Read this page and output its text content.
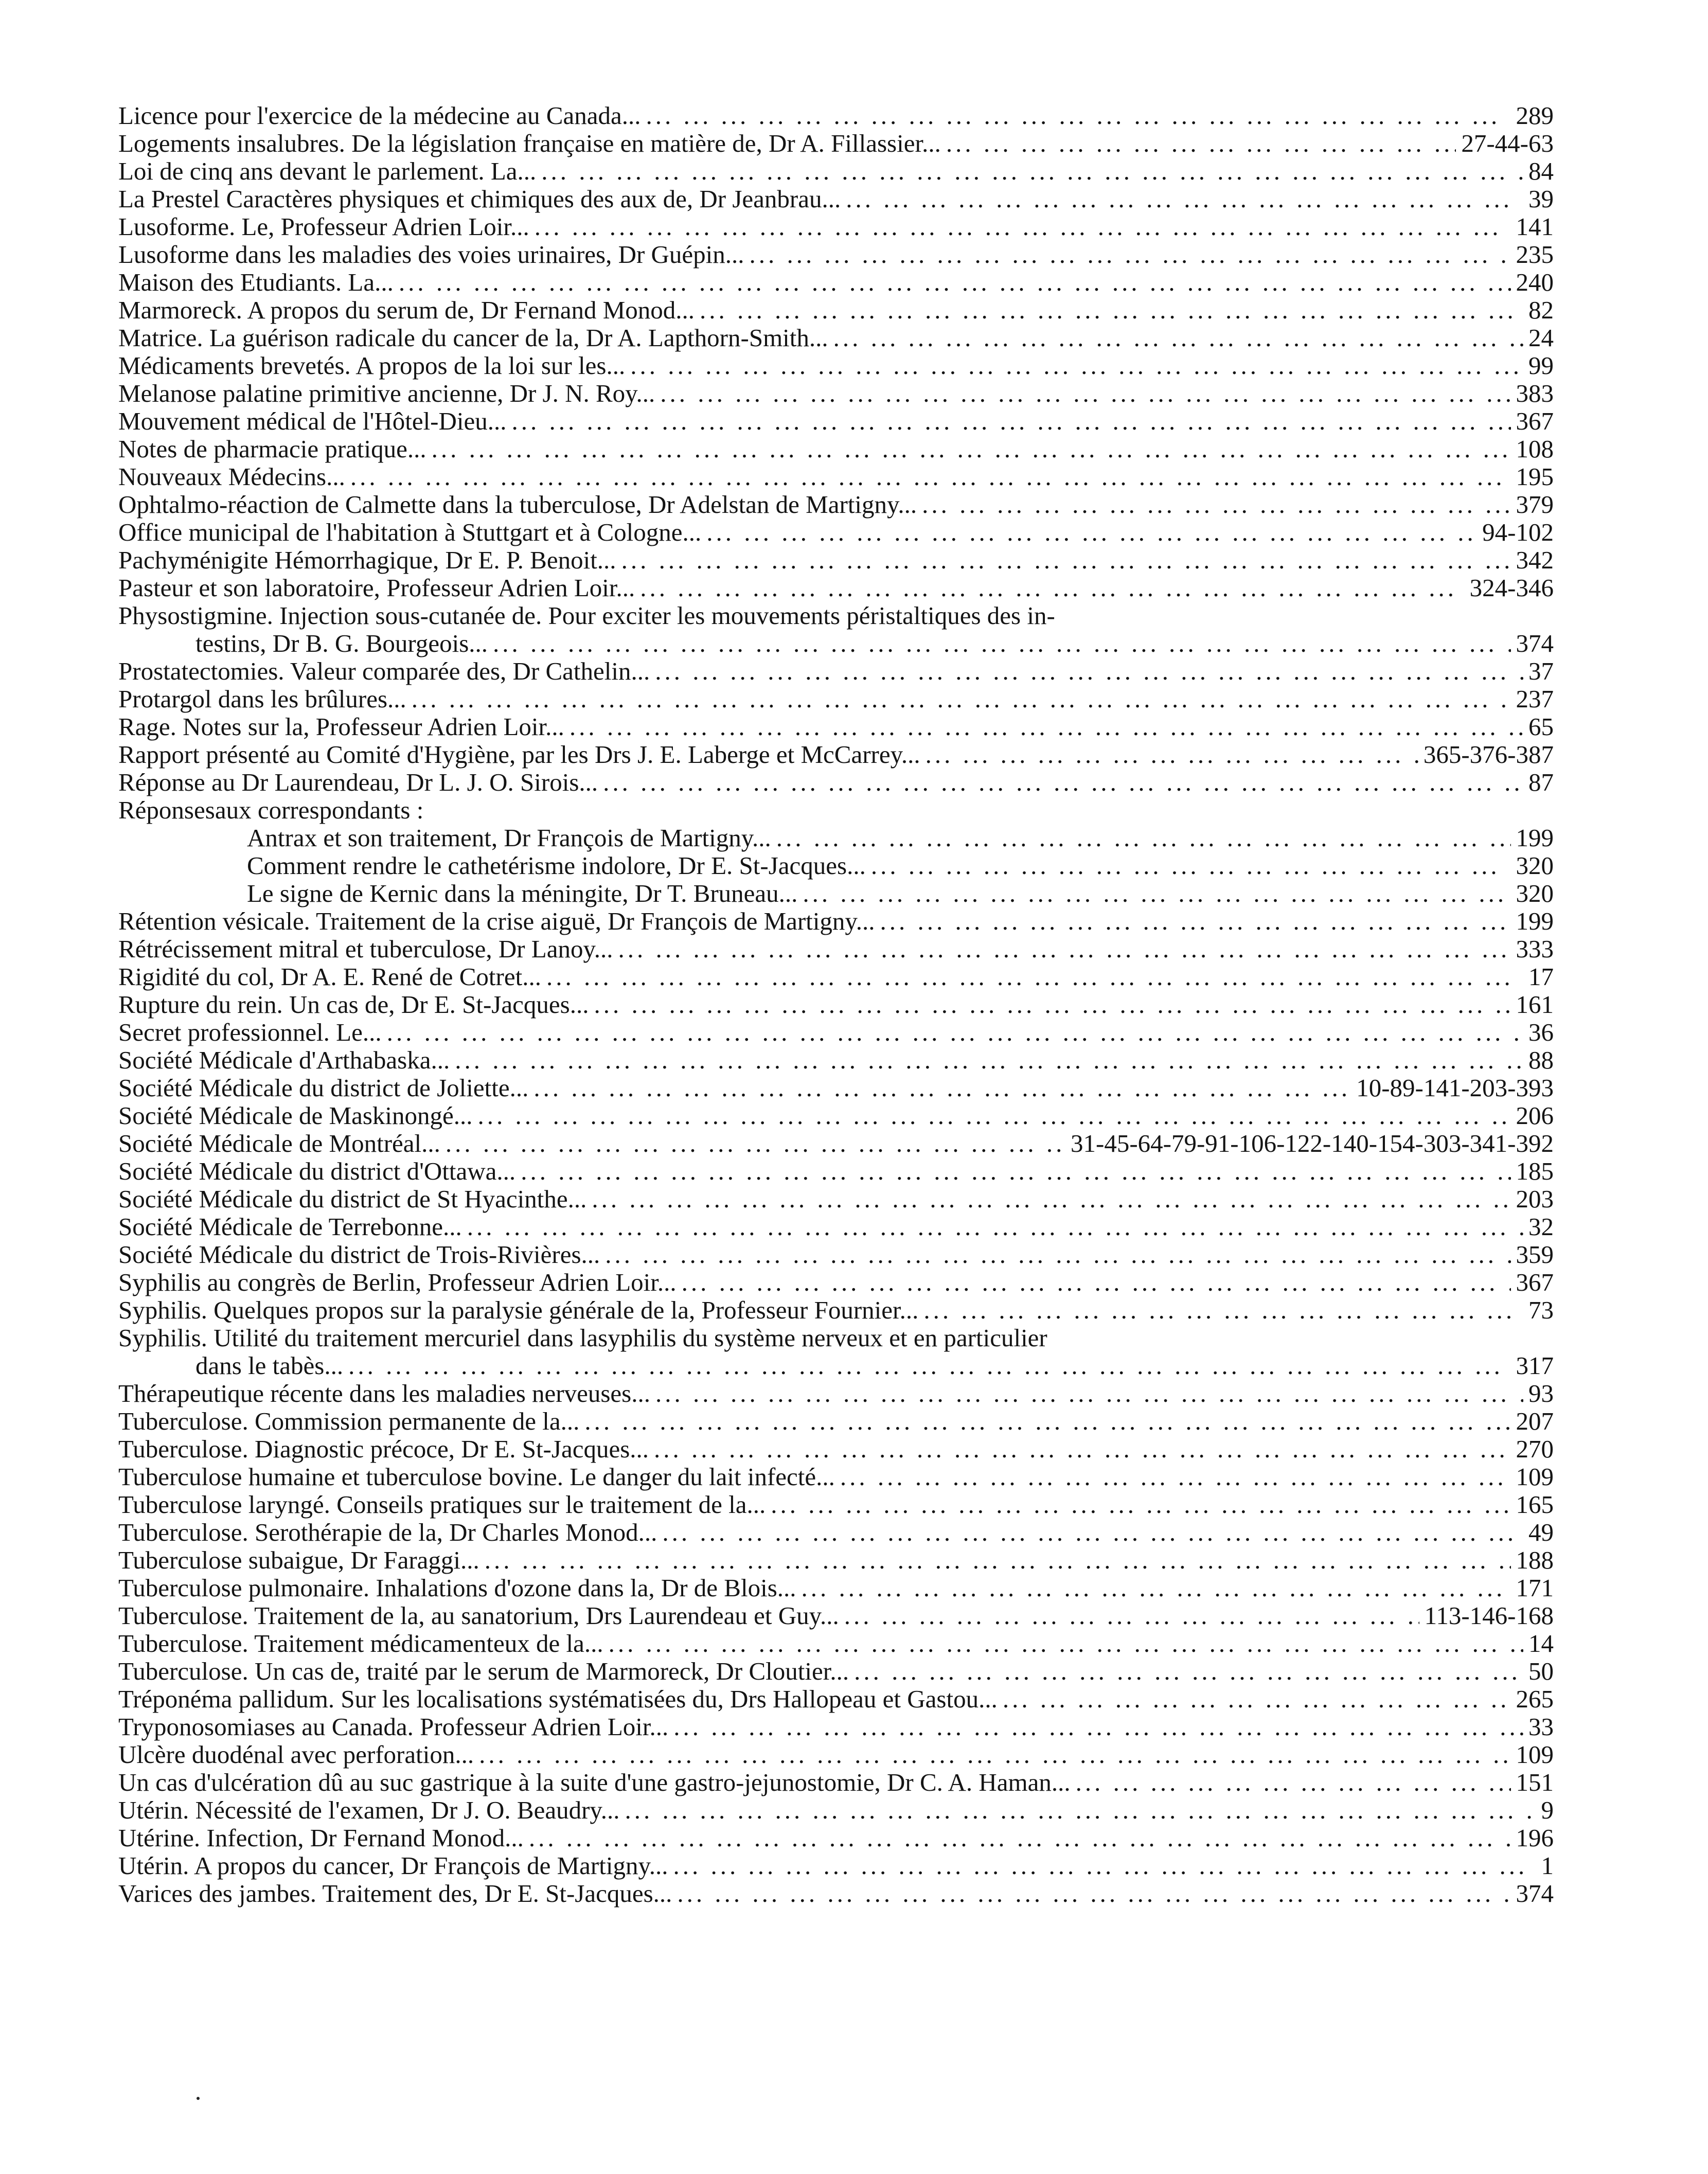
Licence pour l'exercice de la médecine au Canada... ... .	289
Logements insalubres. De la législation française en matière de, Dr A. Fillassier... ... .	27-44-63
Loi de cinq ans devant le parlement. La... ... .	84
La Prestel Caractères physiques et chimiques des aux de, Dr Jeanbrau... ... .	39
Lusoforme. Le, Professeur Adrien Loir... ... .	141
Lusoforme dans les maladies des voies urinaires, Dr Guépin... ... .	235
Maison des Etudiants. La... ... .	240
Marmoreck. A propos du serum de, Dr Fernand Monod... ... .	82
Matrice. La guérison radicale du cancer de la, Dr A. Lapthorn-Smith... ... .	24
Médicaments brevetés. A propos de la loi sur les... ... .	99
Melanose palatine primitive ancienne, Dr J. N. Roy... ... .	383
Mouvement médical de l'Hôtel-Dieu... ... .	367
Notes de pharmacie pratique... ... .	108
Nouveaux Médecins... ... .	195
Ophtalmo-réaction de Calmette dans la tuberculose, Dr Adelstan de Martigny... ... .	379
Office municipal de l'habitation à Stuttgart et à Cologne... ... .	94-102
Pachyménigite Hémorrhagique, Dr E. P. Benoit... ... .	342
Pasteur et son laboratoire, Professeur Adrien Loir... ... .	324-346
Physostigmine. Injection sous-cutanée de. Pour exciter les mouvements péristaltiques des in-
testins, Dr B. G. Bourgeois... ... .	374
Prostatectomies. Valeur comparée des, Dr Cathelin... ... .	37
Protargol dans les brûlures... ... .	237
Rage. Notes sur la, Professeur Adrien Loir... ... .	65
Rapport présenté au Comité d'Hygiène, par les Drs J. E. Laberge et McCarrey... ... .	365-376-387
Réponse au Dr Laurendeau, Dr L. J. O. Sirois... ... .	87
Réponsesaux correspondants :
Antrax et son traitement, Dr François de Martigny... ... .	199
Comment rendre le cathetérisme indolore, Dr E. St-Jacques... ... .	320
Le signe de Kernic dans la méningite, Dr T. Bruneau... ... .	320
Rétention vésicale. Traitement de la crise aiguë, Dr François de Martigny... ... .	199
Rétrécissement mitral et tuberculose, Dr Lanoy... ... .	333
Rigidité du col, Dr A. E. René de Cotret... ... .	17
Rupture du rein. Un cas de, Dr E. St-Jacques... ... .	161
Secret professionnel. Le... ... .	36
Société Médicale d'Arthabaska... ... .	88
Société Médicale du district de Joliette... ... .	10-89-141-203-393
Société Médicale de Maskinongé... ... .	206
Société Médicale de Montréal... ... .	31-45-64-79-91-106-122-140-154-303-341-392
Société Médicale du district d'Ottawa... ... .	185
Société Médicale du district de St Hyacinthe... ... .	203
Société Médicale de Terrebonne... ... .	32
Société Médicale du district de Trois-Rivières... ... .	359
Syphilis au congrès de Berlin, Professeur Adrien Loir... ... .	367
Syphilis. Quelques propos sur la paralysie générale de la, Professeur Fournier... ... .	73
Syphilis. Utilité du traitement mercuriel dans lasyphilis du système nerveux et en particulier
dans le tabès... ... .	317
Thérapeutique récente dans les maladies nerveuses... ... .	93
Tuberculose. Commission permanente de la... ... .	207
Tuberculose. Diagnostic précoce, Dr E. St-Jacques... ... .	270
Tuberculose humaine et tuberculose bovine. Le danger du lait infecté... ... .	109
Tuberculose laryngé. Conseils pratiques sur le traitement de la... ... .	165
Tuberculose. Serothérapie de la, Dr Charles Monod... ... .	49
Tuberculose subaigue, Dr Faraggi... ... .	188
Tuberculose pulmonaire. Inhalations d'ozone dans la, Dr de Blois... ... .	171
Tuberculose. Traitement de la, au sanatorium, Drs Laurendeau et Guy... ... .	113-146-168
Tuberculose. Traitement médicamenteux de la... ... .	14
Tuberculose. Un cas de, traité par le serum de Marmoreck, Dr Cloutier... ... .	50
Tréponéma pallidum. Sur les localisations systématisées du, Drs Hallopeau et Gastou... ... .	265
Tryponosomiases au Canada. Professeur Adrien Loir... ... .	33
Ulcère duodénal avec perforation... ... .	109
Un cas d'ulcération dû au suc gastrique à la suite d'une gastro-jejunostomie, Dr C. A. Haman... ... .	151
Utérin. Nécessité de l'examen, Dr J. O. Beaudry... ... .	9
Utérine. Infection, Dr Fernand Monod... ... .	196
Utérin. A propos du cancer, Dr François de Martigny... ... .	1
Varices des jambes. Traitement des, Dr E. St-Jacques... ... .	374
